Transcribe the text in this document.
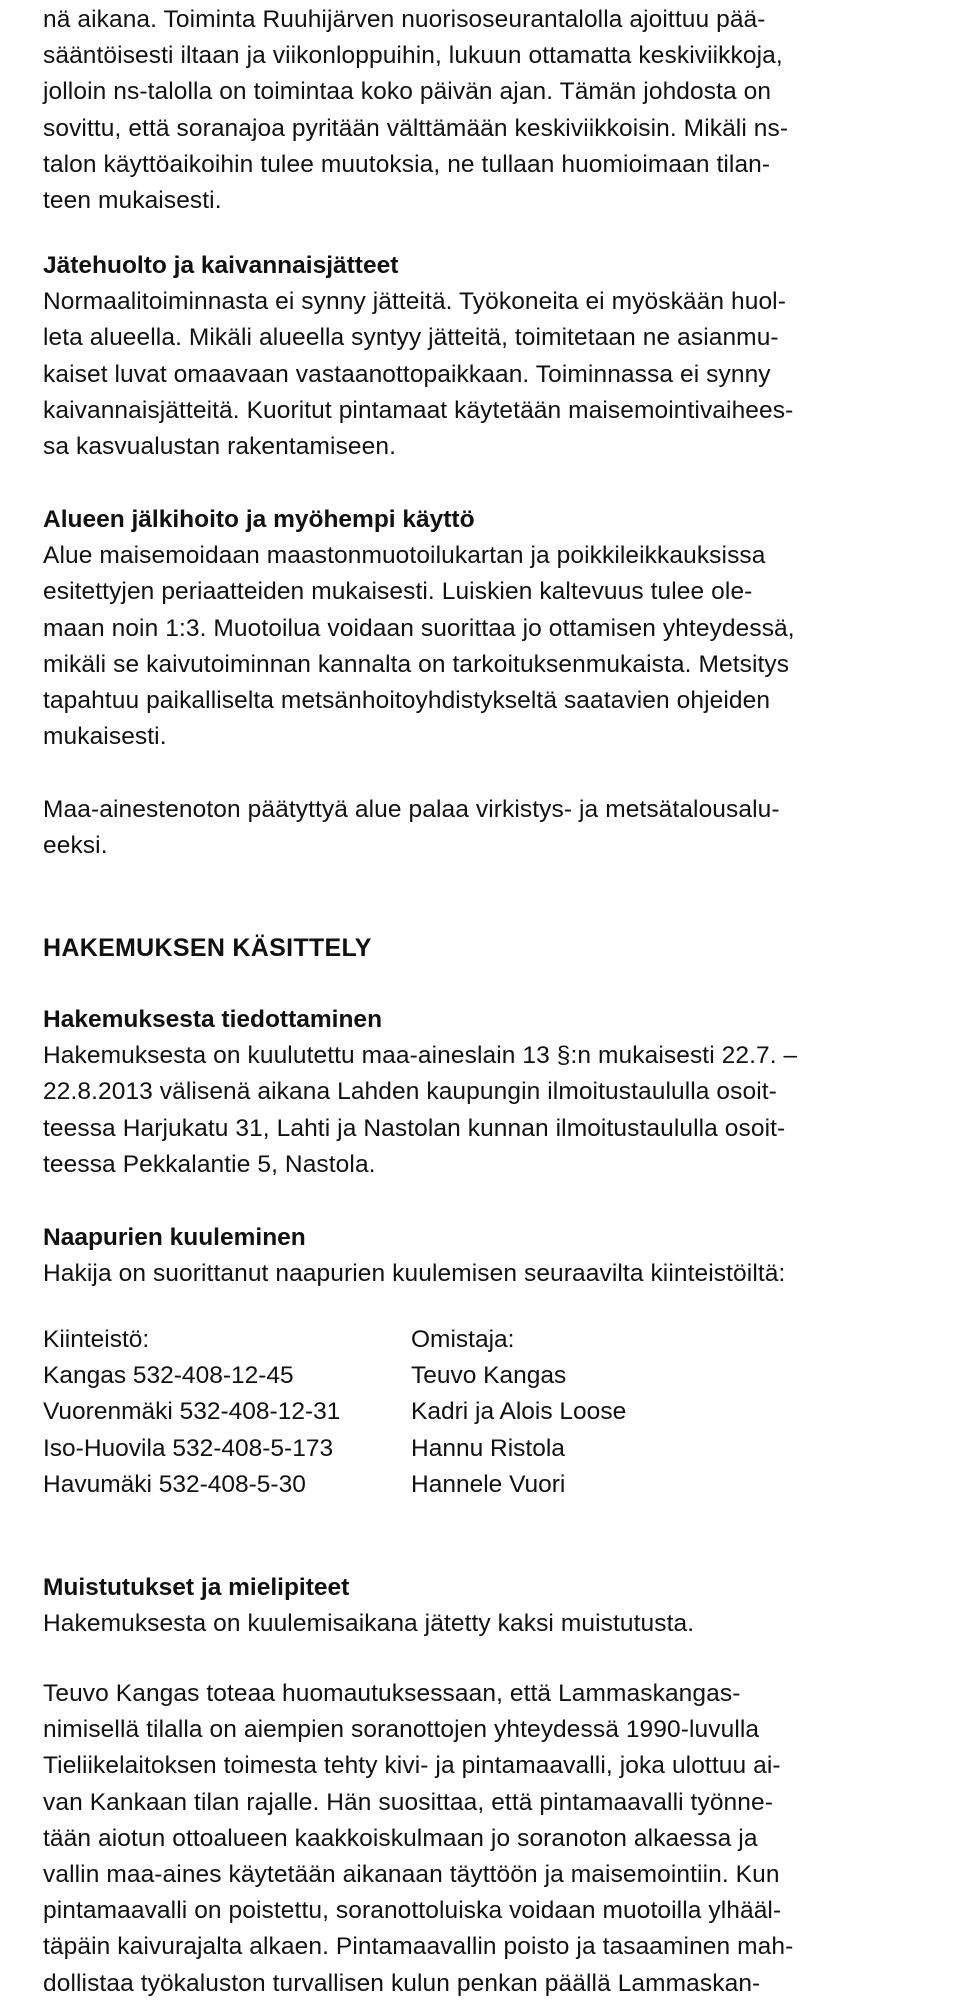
nä aikana. Toiminta Ruuhijärven nuorisoseurantalolla ajoittuu pää-
sääntöisesti iltaan ja viikonloppuihin, lukuun ottamatta keskiviikkoja,
jolloin ns-talolla on toimintaa koko päivän ajan. Tämän johdosta on
sovittu, että soranajoa pyritään välttämään keskiviikkoisin. Mikäli ns-
talon käyttöaikoihin tulee muutoksia, ne tullaan huomioimaan tilan-
teen mukaisesti.
Jätehuolto ja kaivannaisjätteet
Normaalitoiminnasta ei synny jätteitä. Työkoneita ei myöskään huol-
leta alueella. Mikäli alueella syntyy jätteitä, toimitetaan ne asianmu-
kaiset luvat omaavaan vastaanottopaikkaan. Toiminnassa ei synny
kaivannaisjätteitä. Kuoritut pintamaat käytetään maisemointivaihees-
sa kasvualustan rakentamiseen.
Alueen jälkihoito ja myöhempi käyttö
Alue maisemoidaan maastonmuotoilukartan ja poikkileikkauksissa
esitettyjen periaatteiden mukaisesti. Luiskien kaltevuus tulee ole-
maan noin 1:3. Muotoilua voidaan suorittaa jo ottamisen yhteydessä,
mikäli se kaivutoiminnan kannalta on tarkoituksenmukaista. Metsitys
tapahtuu paikalliselta metsänhoitoyhdistykseltä saatavien ohjeiden
mukaisesti.
Maa-ainestenoton päätyttyä alue palaa virkistys- ja metsätalousalu-
eeksi.
HAKEMUKSEN KÄSITTELY
Hakemuksesta tiedottaminen
Hakemuksesta on kuulutettu maa-aineslain 13 §:n mukaisesti 22.7. –
22.8.2013 välisenä aikana Lahden kaupungin ilmoitustaululla osoit-
teessa Harjukatu 31, Lahti ja Nastolan kunnan ilmoitustaululla osoit-
teessa Pekkalantie 5, Nastola.
Naapurien kuuleminen
Hakija on suorittanut naapurien kuulemisen seuraavilta kiinteistöiltä:
Kiinteistö:	Omistaja:
Kangas 532-408-12-45	Teuvo Kangas
Vuorenmäki 532-408-12-31	Kadri ja Alois Loose
Iso-Huovila 532-408-5-173	Hannu Ristola
Havumäki 532-408-5-30	Hannele Vuori
Muistutukset ja mielipiteet
Hakemuksesta on kuulemisaikana jätetty kaksi muistutusta.
Teuvo Kangas toteaa huomautuksessaan, että Lammaskangas-
nimisellä tilalla on aiempien soranottojen yhteydessä 1990-luvulla
Tieliikelaitoksen toimesta tehty kivi- ja pintamaavalli, joka ulottuu ai-
van Kankaan tilan rajalle. Hän suosittaa, että pintamaavalli työnne-
tään aiotun ottoalueen kaakkoiskulmaan jo soranoton alkaessa ja
vallin maa-aines käytetään aikanaan täyttöön ja maisemointiin. Kun
pintamaavalli on poistettu, soranottoluiska voidaan muotoilla ylhääl-
täpäin kaivurajalta alkaen. Pintamaavallin poisto ja tasaaminen mah-
dollistaa työkaluston turvallisen kulun penkan päällä Lammaskan-
